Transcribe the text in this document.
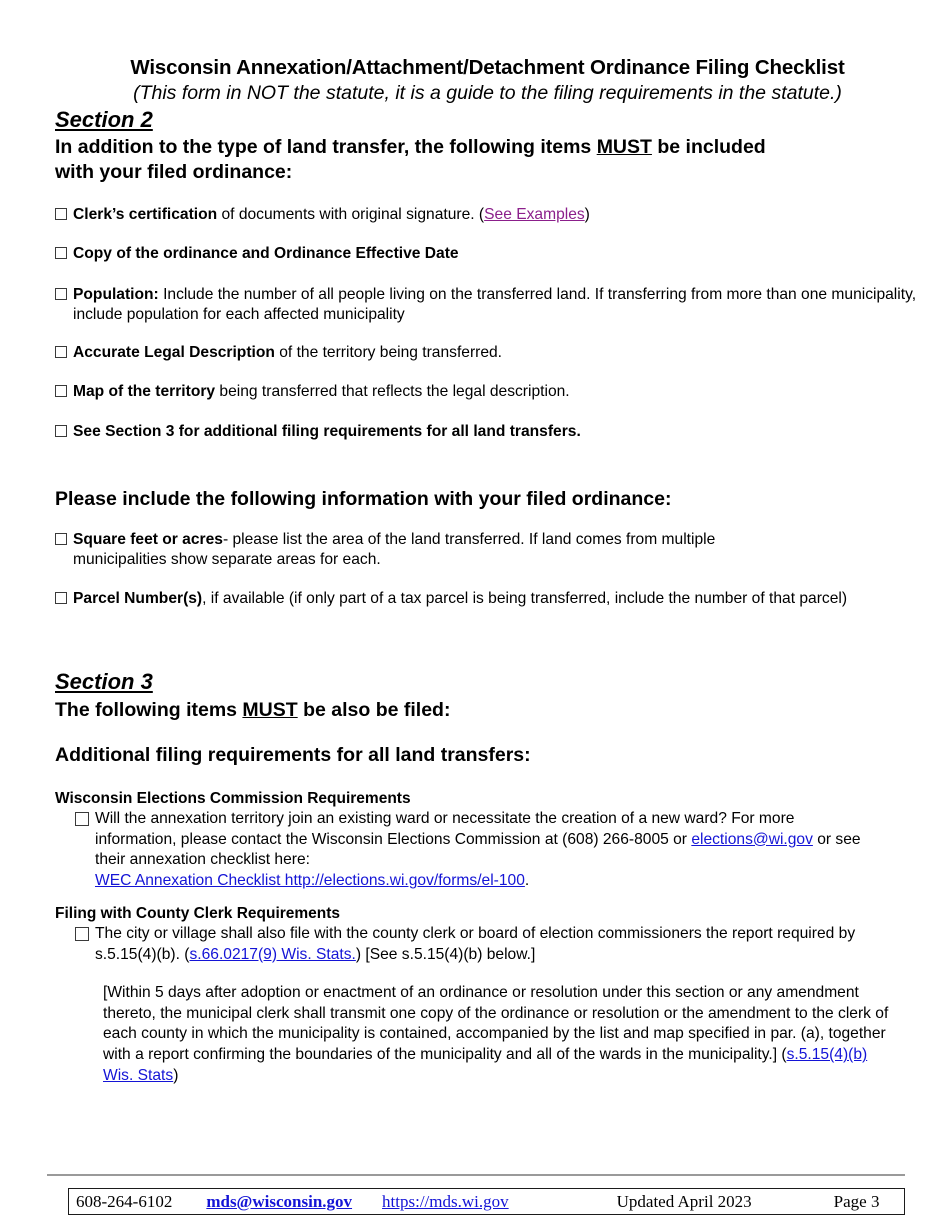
Wisconsin Annexation/Attachment/Detachment Ordinance Filing Checklist
(This form in NOT the statute, it is a guide to the filing requirements in the statute.)
Section 2
In addition to the type of land transfer, the following items MUST be included
with your filed ordinance:
Clerk’s certification of documents with original signature. (See Examples)
Copy of the ordinance and Ordinance Effective Date
Population: Include the number of all people living on the transferred land. If transferring from more than one municipality, include population for each affected municipality
Accurate Legal Description of the territory being transferred.
Map of the territory being transferred that reflects the legal description.
See Section 3 for additional filing requirements for all land transfers.
Please include the following information with your filed ordinance:
Square feet or acres- please list the area of the land transferred. If land comes from multiple municipalities show separate areas for each.
Parcel Number(s), if available (if only part of a tax parcel is being transferred, include the number of that parcel)
Section 3
The following items MUST be also be filed:
Additional filing requirements for all land transfers:
Wisconsin Elections Commission Requirements
Will the annexation territory join an existing ward or necessitate the creation of a new ward? For more information, please contact the Wisconsin Elections Commission at (608) 266-8005 or elections@wi.gov or see their annexation checklist here:
WEC Annexation Checklist http://elections.wi.gov/forms/el-100.
Filing with County Clerk Requirements
The city or village shall also file with the county clerk or board of election commissioners the report required by s.5.15(4)(b). (s.66.0217(9) Wis. Stats.) [See s.5.15(4)(b) below.]
[Within 5 days after adoption or enactment of an ordinance or resolution under this section or any amendment thereto, the municipal clerk shall transmit one copy of the ordinance or resolution or the amendment to the clerk of each county in which the municipality is contained, accompanied by the list and map specified in par. (a), together with a report confirming the boundaries of the municipality and all of the wards in the municipality.] (s.5.15(4)(b) Wis. Stats)
608-264-6102	mds@wisconsin.gov	https://mds.wi.gov	Updated April 2023	Page 3
